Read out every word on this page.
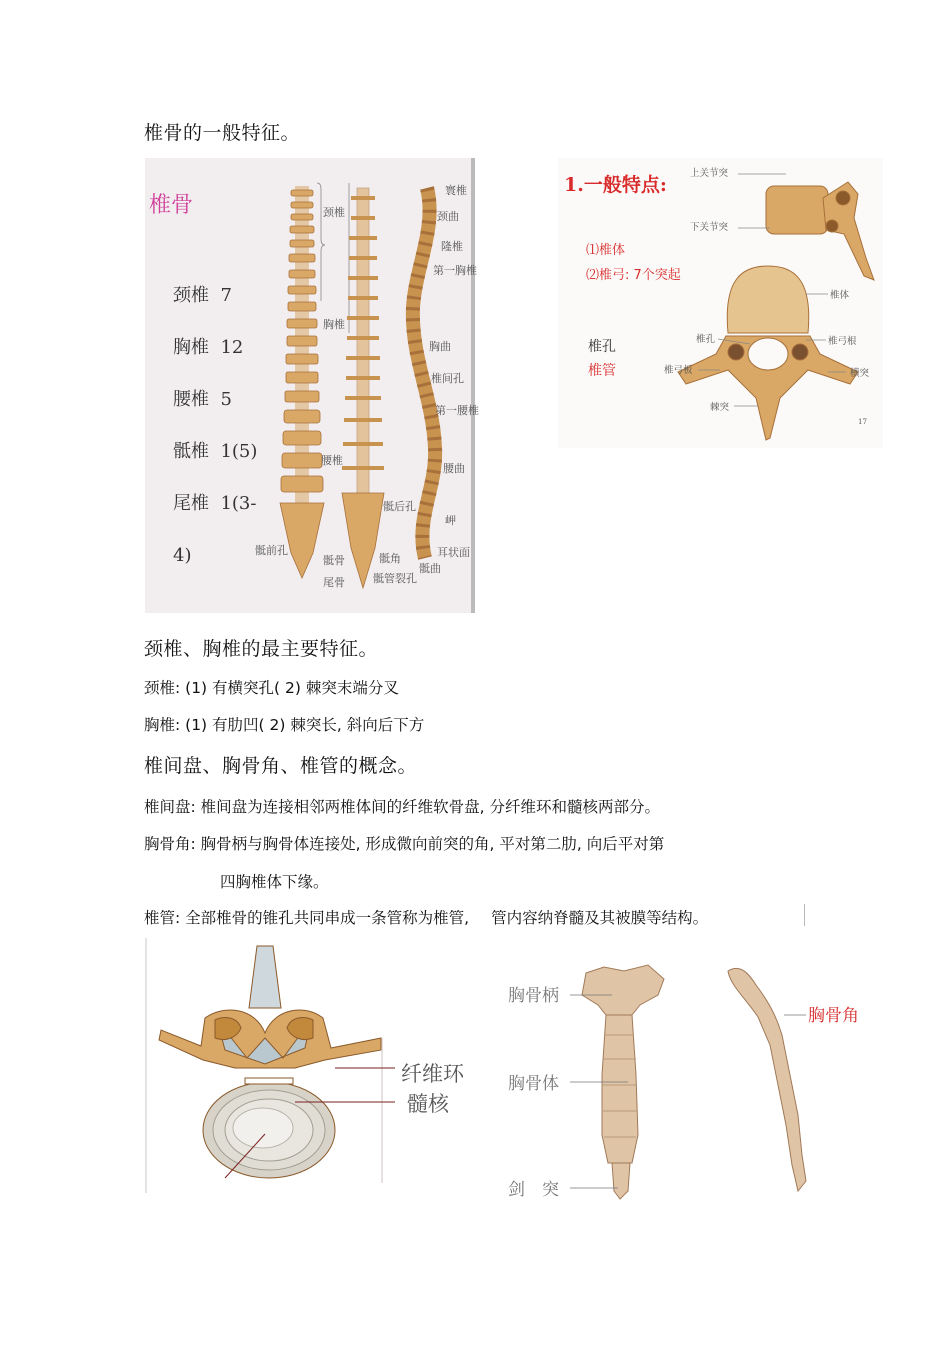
椎骨的一般特征。
椎骨
颈椎 7
胸椎 12
腰椎 5
骶椎 1(5)
尾椎 1(3-4)
颈椎
胸椎
腰椎
寰椎
颈曲
隆椎
第一胸椎
胸曲
椎间孔
第一腰椎
腰曲
骶后孔
岬
耳状面
骶曲
骶前孔
骶骨
尾骨
骶角
骶管裂孔
1.一般特点:
⑴椎体
⑵椎弓: 7个突起
椎孔
椎管
上关节突
下关节突
椎体
椎孔	椎弓根
椎弓板	横突
棘突
17
颈椎、胸椎的最主要特征。
颈椎: (1) 有横突孔( 2) 棘突末端分叉
胸椎: (1) 有肋凹( 2) 棘突长, 斜向后下方
椎间盘、胸骨角、椎管的概念。
椎间盘: 椎间盘为连接相邻两椎体间的纤维软骨盘, 分纤维环和髓核两部分。
胸骨角: 胸骨柄与胸骨体连接处, 形成微向前突的角, 平对第二肋, 向后平对第
四胸椎体下缘。
椎管: 全部椎骨的锥孔共同串成一条管称为椎管, 管内容纳脊髓及其被膜等结构。
纤维环
髓核
胸骨柄
胸骨体
剑　突
胸骨角
